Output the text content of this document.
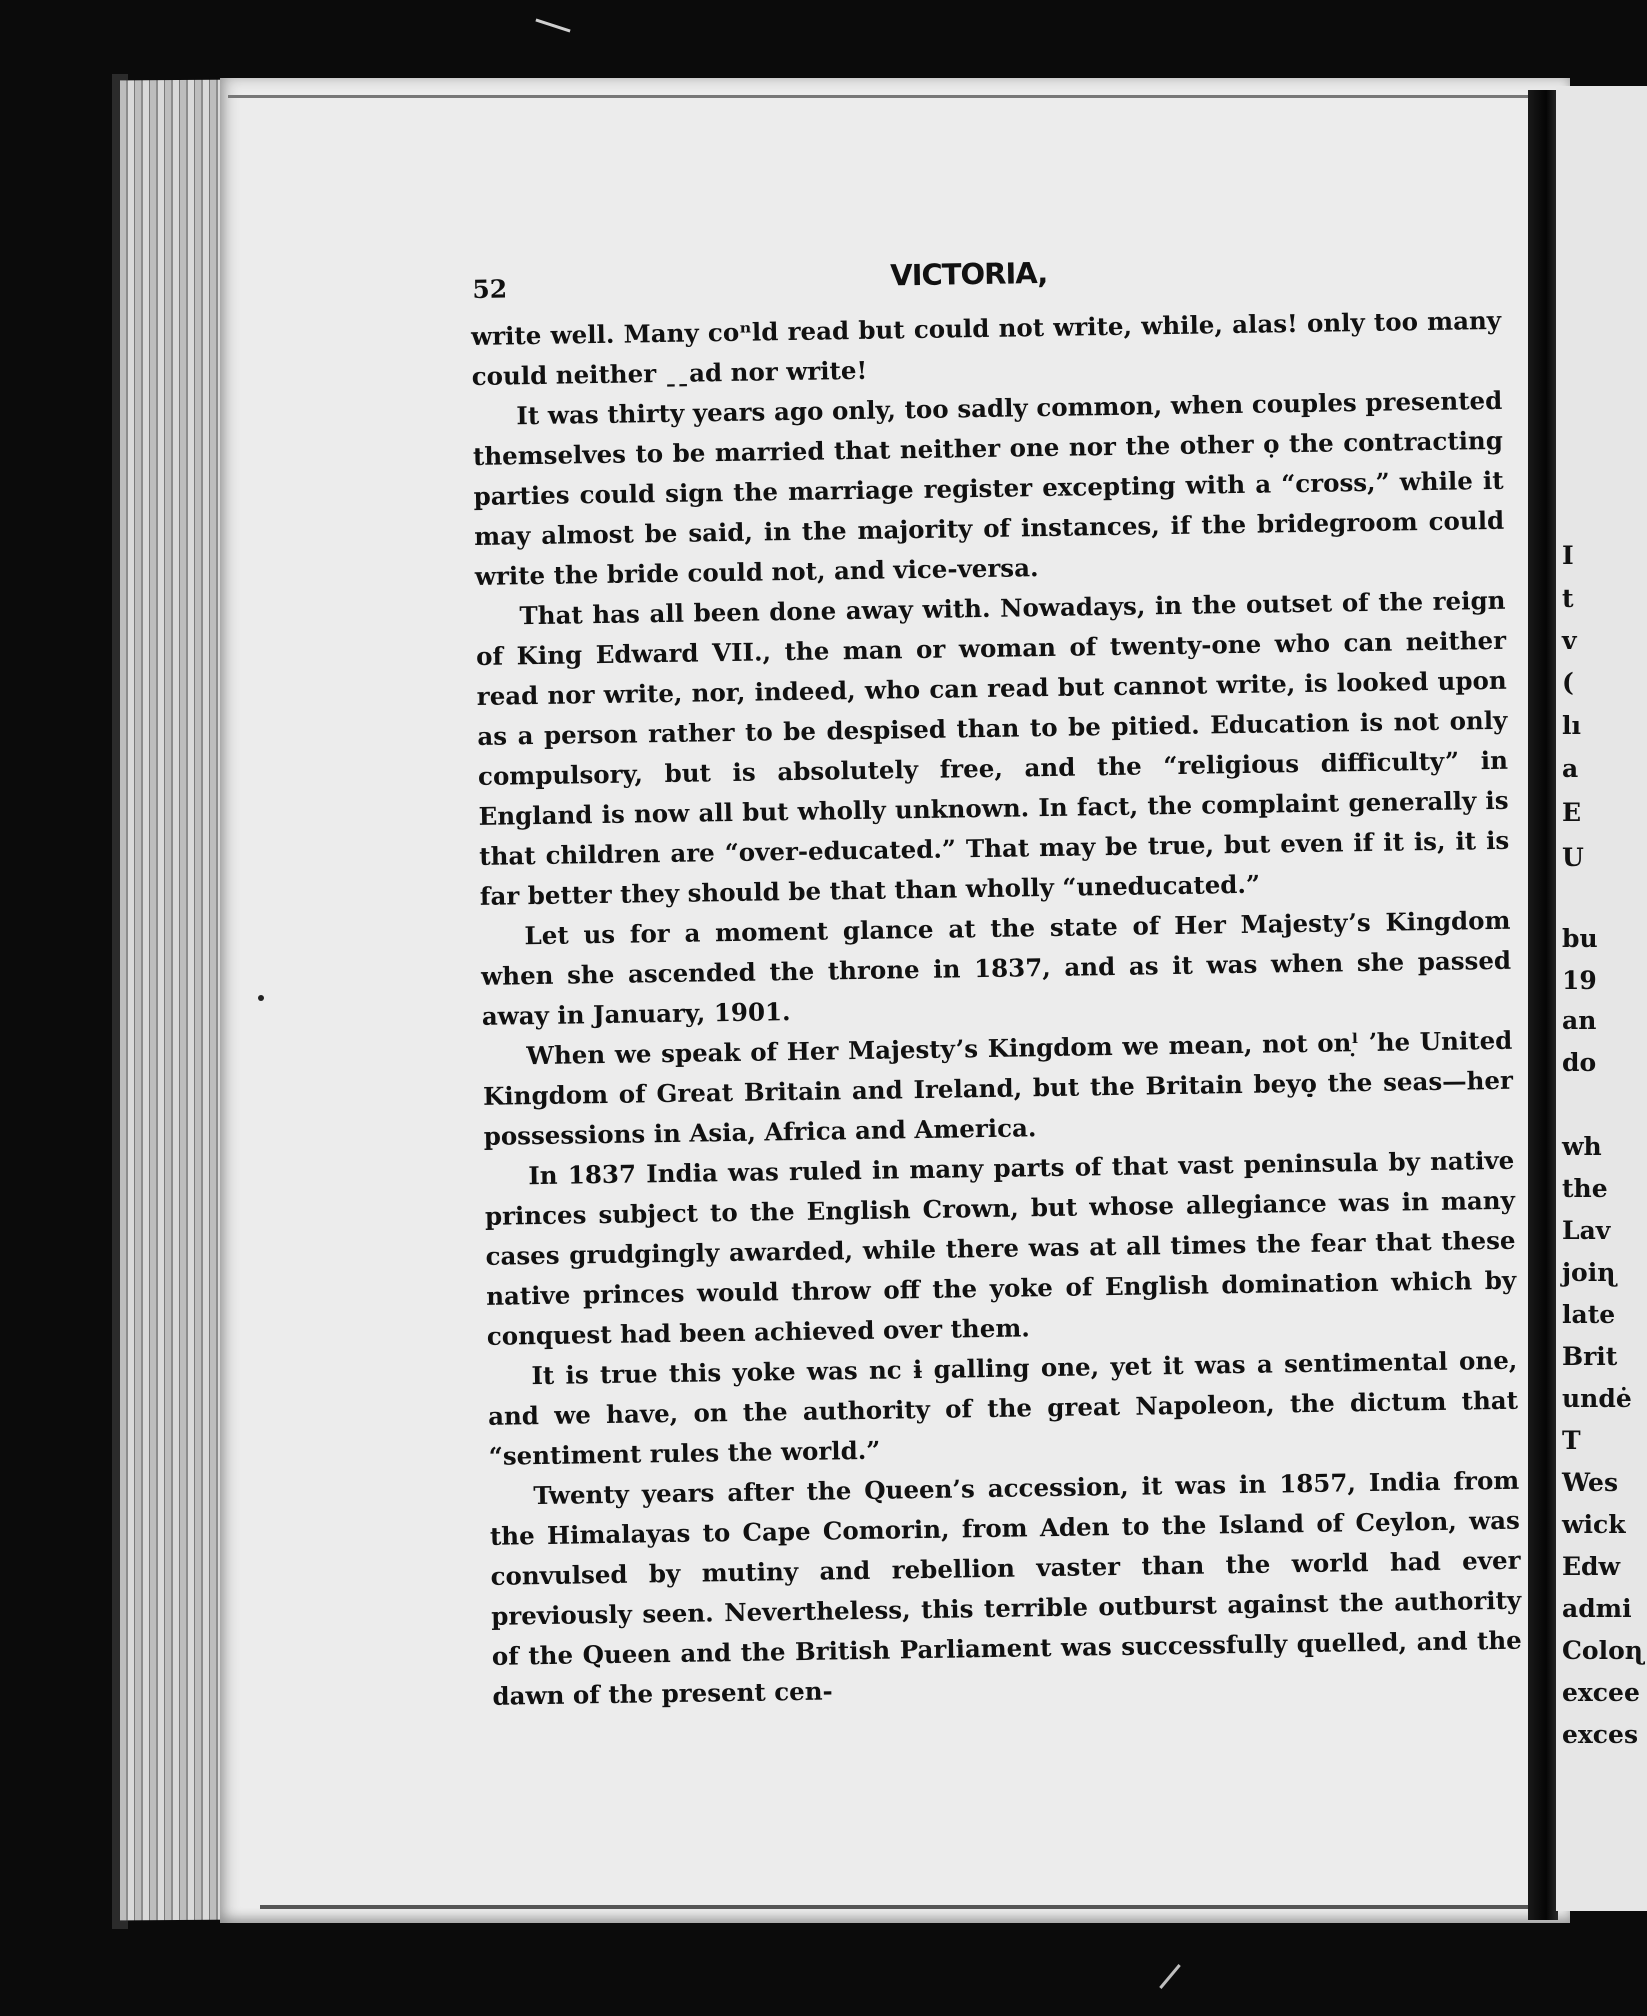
I
t
ᴠ
(
lı
a
E
U
bu
19
an
do
wh
the
Laᴠ
joiɳ
late
Brit
undė
T
Wes
ᴡick
Edw
admi
Coloɳ
excee
exces
52	VICTORIA,

write well. Many coⁿld read but could not write, while, alas! only too many could neither ˍˍad nor write!

It was thirty years ago only, too sadly common, when couples presented themselves to be married that neither one nor the other ọ the contracting parties could sign the marriage register excepting with a “cross,” while it may almost be said, in the majority of instances, if the bridegroom could write the bride could not, and vice-versa.

That has all been done away with. Nowadays, in the outset of the reign of King Edward VII., the man or woman of twenty-one who can neither read nor write, nor, indeed, who can read but cannot write, is looked upon as a person rather to be despised than to be pitied. Education is not only compulsory, but is absolutely free, and the “religious difficulty” in England is now all but wholly unknown. In fact, the complaint generally is that children are “over-educated.” That may be true, but even if it is, it is far better they should be that than wholly “uneducated.”

Let us for a moment glance at the state of Her Majesty’s Kingdom when she ascended the throne in 1837, and as it was when she passed away in January, 1901.

When we speak of Her Majesty’s Kingdom we mean, not onˡ̣ ʼhe United Kingdom of Great Britain and Ireland, but the Britain beyọ̣ the seas—her possessions in Asia, Africa and America.

In 1837 India was ruled in many parts of that vast peninsula by native princes subject to the English Crown, but whose allegiance was in many cases grudgingly awarded, while there was at all times the fear that these native princes would throw off the yoke of English domination which by conquest had been achieved over them.

It is true this yoke was nc ɨ galling one, yet it was a sentimental one, and we have, on the authority of the great Napoleon, the dictum that “sentiment rules the world.”

Twenty years after the Queen’s accession, it was in 1857, India from the Himalayas to Cape Comorin, from Aden to the Island of Ceylon, was convulsed by mutiny and rebellion vaster than the world had ever previously seen. Nevertheless, this terrible outburst against the authority of the Queen and the British Parliament was successfully quelled, and the dawn of the present cen-
